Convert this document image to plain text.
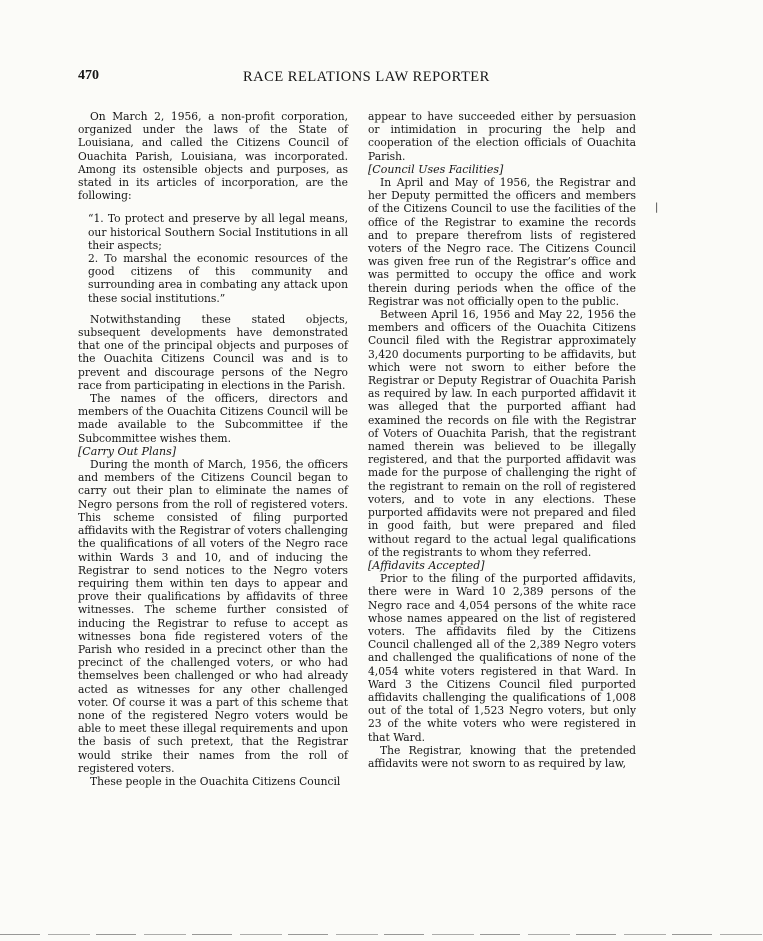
470	RACE RELATIONS LAW REPORTER

On March 2, 1956, a non-profit corporation, organized under the laws of the State of Louisiana, and called the Citizens Council of Ouachita Parish, Louisiana, was incorporated. Among its ostensible objects and purposes, as stated in its articles of incorporation, are the following:

“1. To protect and preserve by all legal means, our historical Southern Social Institutions in all their aspects;

2. To marshal the economic resources of the good citizens of this community and surrounding area in combating any attack upon these social institutions.”

Notwithstanding these stated objects, subsequent developments have demonstrated that one of the principal objects and purposes of the Ouachita Citizens Council was and is to prevent and discourage persons of the Negro race from participating in elections in the Parish.

The names of the officers, directors and members of the Ouachita Citizens Council will be made available to the Subcommittee if the Subcommittee wishes them.

[Carry Out Plans]

During the month of March, 1956, the officers and members of the Citizens Council began to carry out their plan to eliminate the names of Negro persons from the roll of registered voters. This scheme consisted of filing purported affidavits with the Registrar of voters challenging the qualifications of all voters of the Negro race within Wards 3 and 10, and of inducing the Registrar to send notices to the Negro voters requiring them within ten days to appear and prove their qualifications by affidavits of three witnesses. The scheme further consisted of inducing the Registrar to refuse to accept as witnesses bona fide registered voters of the Parish who resided in a precinct other than the precinct of the challenged voters, or who had themselves been challenged or who had already acted as witnesses for any other challenged voter. Of course it was a part of this scheme that none of the registered Negro voters would be able to meet these illegal requirements and upon the basis of such pretext, that the Registrar would strike their names from the roll of registered voters.

These people in the Ouachita Citizens Council

appear to have succeeded either by persuasion or intimidation in procuring the help and cooperation of the election officials of Ouachita Parish.

[Council Uses Facilities]

In April and May of 1956, the Registrar and her Deputy permitted the officers and members of the Citizens Council to use the facilities of the office of the Registrar to examine the records and to prepare therefrom lists of registered voters of the Negro race. The Citizens Council was given free run of the Registrar’s office and was permitted to occupy the office and work therein during periods when the office of the Registrar was not officially open to the public.

Between April 16, 1956 and May 22, 1956 the members and officers of the Ouachita Citizens Council filed with the Registrar approximately 3,420 documents purporting to be affidavits, but which were not sworn to either before the Registrar or Deputy Registrar of Ouachita Parish as required by law. In each purported affidavit it was alleged that the purported affiant had examined the records on file with the Registrar of Voters of Ouachita Parish, that the registrant named therein was believed to be illegally registered, and that the purported affidavit was made for the purpose of challenging the right of the registrant to remain on the roll of registered voters, and to vote in any elections. These purported affidavits were not prepared and filed in good faith, but were prepared and filed without regard to the actual legal qualifications of the registrants to whom they referred.

[Affidavits Accepted]

Prior to the filing of the purported affidavits, there were in Ward 10 2,389 persons of the Negro race and 4,054 persons of the white race whose names appeared on the list of registered voters. The affidavits filed by the Citizens Council challenged all of the 2,389 Negro voters and challenged the qualifications of none of the 4,054 white voters registered in that Ward. In Ward 3 the Citizens Council filed purported affidavits challenging the qualifications of 1,008 out of the total of 1,523 Negro voters, but only 23 of the white voters who were registered in that Ward.

The Registrar, knowing that the pretended affidavits were not sworn to as required by law,

|
